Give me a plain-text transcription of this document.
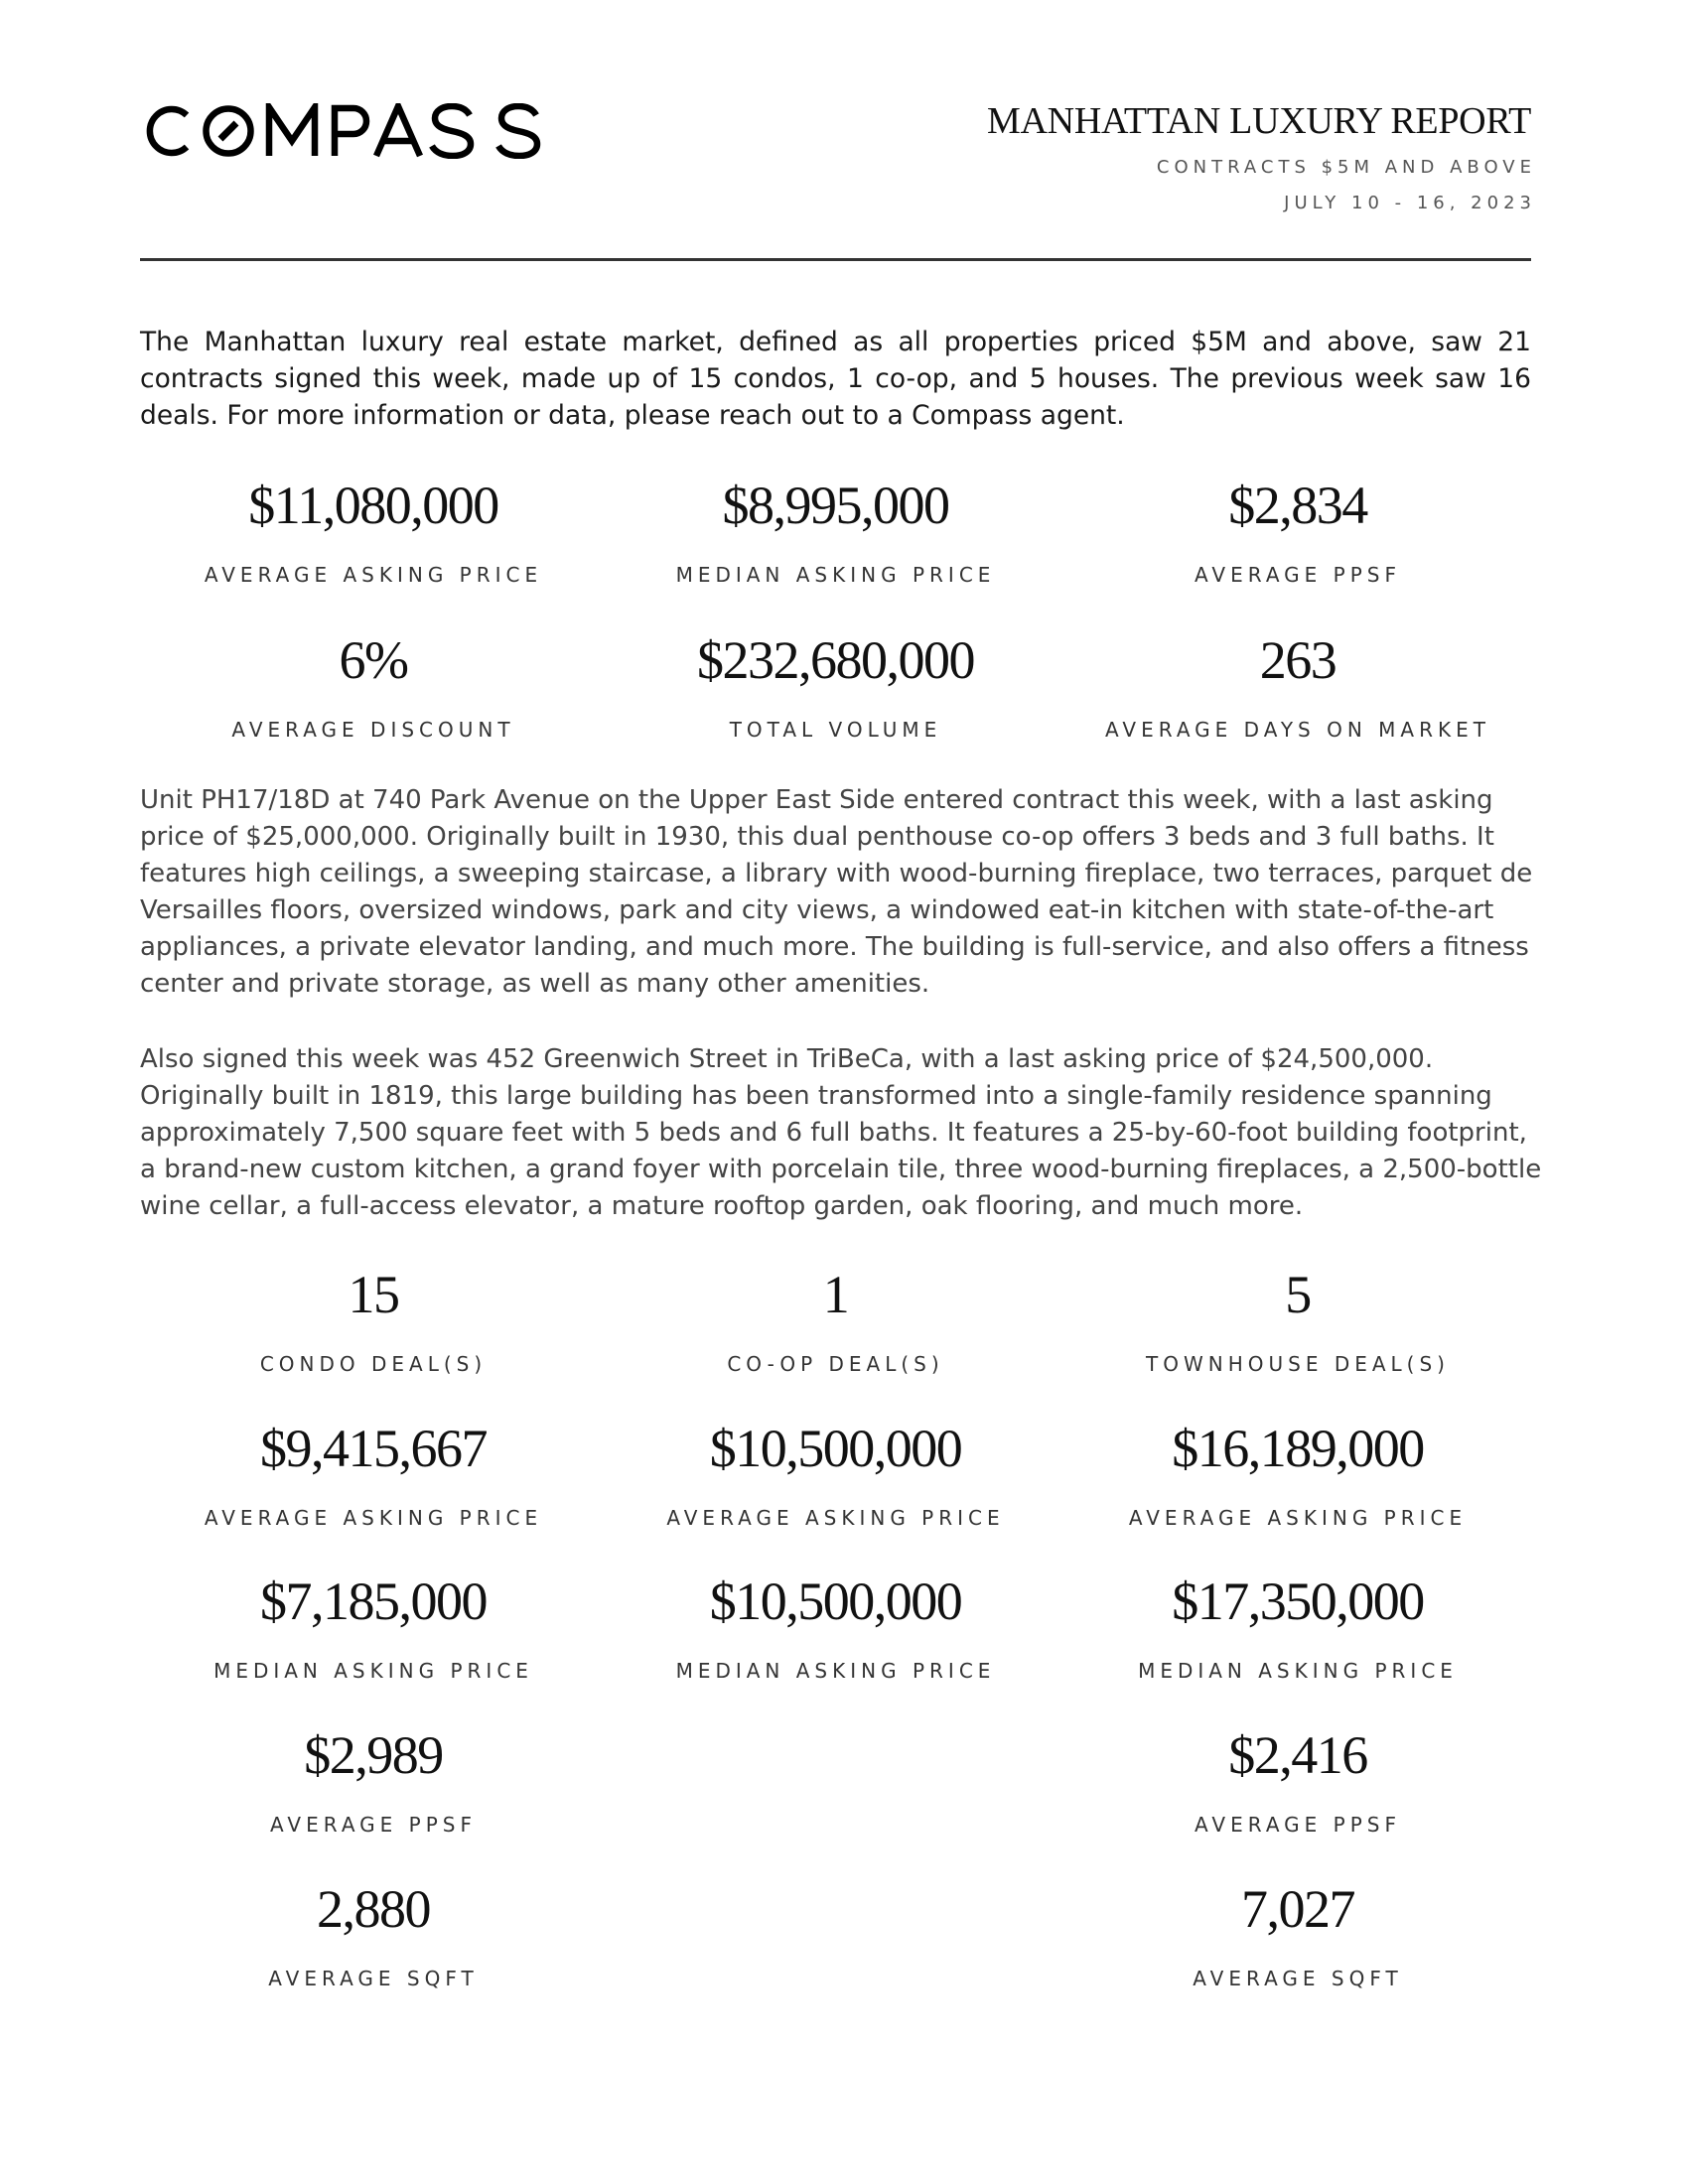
MANHATTAN LUXURY REPORT
CONTRACTS $5M AND ABOVE
JULY 10 - 16, 2023

The Manhattan luxury real estate market, defined as all properties priced $5M and above, saw 21 contracts signed this week, made up of 15 condos, 1 co-op, and 5 houses. The previous week saw 16 deals. For more information or data, please reach out to a Compass agent.

$11,080,000
AVERAGE ASKING PRICE
$8,995,000
MEDIAN ASKING PRICE
$2,834
AVERAGE PPSF
6%
AVERAGE DISCOUNT
$232,680,000
TOTAL VOLUME
263
AVERAGE DAYS ON MARKET

Unit PH17/18D at 740 Park Avenue on the Upper East Side entered contract this week, with a last asking price of $25,000,000. Originally built in 1930, this dual penthouse co-op offers 3 beds and 3 full baths. It features high ceilings, a sweeping staircase, a library with wood-burning fireplace, two terraces, parquet de Versailles floors, oversized windows, park and city views, a windowed eat-in kitchen with state-of-the-art appliances, a private elevator landing, and much more. The building is full-service, and also offers a fitness center and private storage, as well as many other amenities.

Also signed this week was 452 Greenwich Street in TriBeCa, with a last asking price of $24,500,000. Originally built in 1819, this large building has been transformed into a single-family residence spanning approximately 7,500 square feet with 5 beds and 6 full baths. It features a 25-by-60-foot building footprint, a brand-new custom kitchen, a grand foyer with porcelain tile, three wood-burning fireplaces, a 2,500-bottle wine cellar, a full-access elevator, a mature rooftop garden, oak flooring, and much more.

15
CONDO DEAL(S)
1
CO-OP DEAL(S)
5
TOWNHOUSE DEAL(S)
$9,415,667
AVERAGE ASKING PRICE
$10,500,000
AVERAGE ASKING PRICE
$16,189,000
AVERAGE ASKING PRICE
$7,185,000
MEDIAN ASKING PRICE
$10,500,000
MEDIAN ASKING PRICE
$17,350,000
MEDIAN ASKING PRICE
$2,989
AVERAGE PPSF
$2,416
AVERAGE PPSF
2,880
AVERAGE SQFT
7,027
AVERAGE SQFT
